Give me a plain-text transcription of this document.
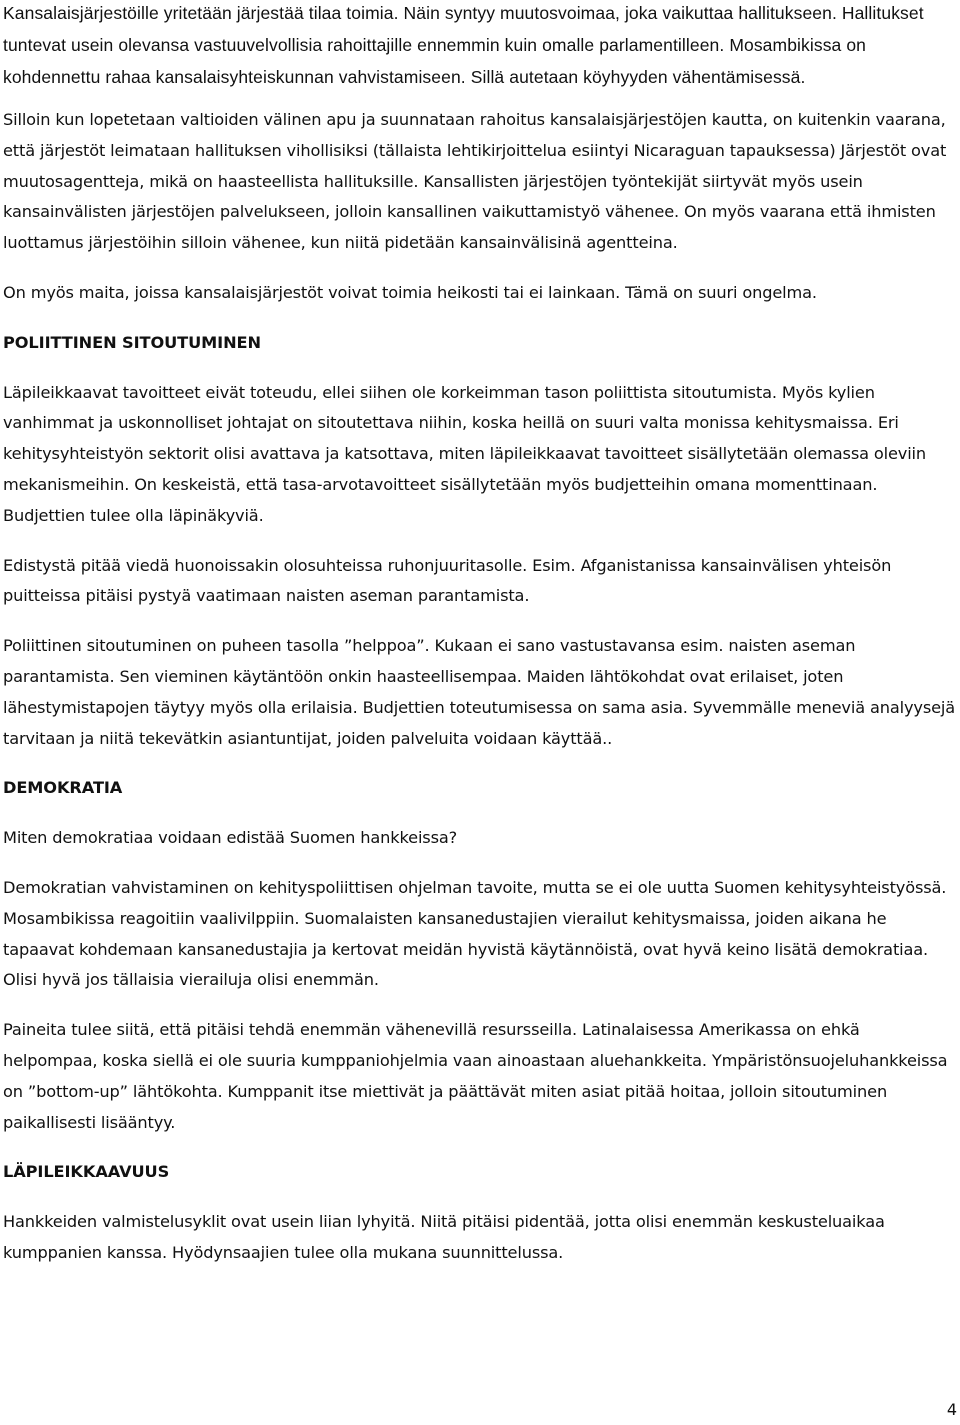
Kansalaisjärjestöille yritetään järjestää tilaa toimia. Näin syntyy muutosvoimaa, joka vaikuttaa hallitukseen. Hallitukset tuntevat usein olevansa vastuuvelvollisia rahoittajille ennemmin kuin omalle parlamentilleen. Mosambikissa on kohdennettu rahaa kansalaisyhteiskunnan vahvistamiseen. Sillä autetaan köyhyyden vähentämisessä.

Silloin kun lopetetaan valtioiden välinen apu ja suunnataan rahoitus kansalaisjärjestöjen kautta, on kuitenkin vaarana, että järjestöt leimataan hallituksen vihollisiksi (tällaista lehtikirjoittelua esiintyi Nicaraguan tapauksessa) Järjestöt ovat muutosagentteja, mikä on haasteellista hallituksille. Kansallisten järjestöjen työntekijät siirtyvät myös usein kansainvälisten järjestöjen palvelukseen, jolloin kansallinen vaikuttamistyö vähenee. On myös vaarana että ihmisten luottamus järjestöihin silloin vähenee, kun niitä pidetään kansainvälisinä agentteina.

On myös maita, joissa kansalaisjärjestöt voivat toimia heikosti tai ei lainkaan. Tämä on suuri ongelma.

POLIITTINEN SITOUTUMINEN

Läpileikkaavat tavoitteet eivät toteudu, ellei siihen ole korkeimman tason poliittista sitoutumista. Myös kylien vanhimmat ja uskonnolliset johtajat on sitoutettava niihin, koska heillä on suuri valta monissa kehitysmaissa. Eri kehitysyhteistyön sektorit olisi avattava ja katsottava, miten läpileikkaavat tavoitteet sisällytetään olemassa oleviin mekanismeihin. On keskeistä, että tasa-arvotavoitteet sisällytetään myös budjetteihin omana momenttinaan. Budjettien tulee olla läpinäkyviä.

Edistystä pitää viedä huonoissakin olosuhteissa ruhonjuuritasolle. Esim. Afganistanissa kansainvälisen yhteisön puitteissa pitäisi pystyä vaatimaan naisten aseman parantamista.

Poliittinen sitoutuminen on puheen tasolla ”helppoa”. Kukaan ei sano vastustavansa esim. naisten aseman parantamista. Sen vieminen käytäntöön onkin haasteellisempaa. Maiden lähtökohdat ovat erilaiset, joten lähestymistapojen täytyy myös olla erilaisia. Budjettien toteutumisessa on sama asia. Syvemmälle meneviä analyysejä tarvitaan ja niitä tekevätkin asiantuntijat, joiden palveluita voidaan käyttää..

DEMOKRATIA

Miten demokratiaa voidaan edistää Suomen hankkeissa?

Demokratian vahvistaminen on kehityspoliittisen ohjelman tavoite, mutta se ei ole uutta Suomen kehitysyhteistyössä. Mosambikissa reagoitiin vaalivilppiin. Suomalaisten kansanedustajien vierailut kehitysmaissa, joiden aikana he tapaavat kohdemaan kansanedustajia ja kertovat meidän hyvistä käytännöistä, ovat hyvä keino lisätä demokratiaa. Olisi hyvä jos tällaisia vierailuja olisi enemmän.

Paineita tulee siitä, että pitäisi tehdä enemmän vähenevillä resursseilla. Latinalaisessa Amerikassa on ehkä helpompaa, koska siellä ei ole suuria kumppaniohjelmia vaan ainoastaan aluehankkeita. Ympäristönsuojeluhankkeissa on ”bottom-up” lähtökohta. Kumppanit itse miettivät ja päättävät miten asiat pitää hoitaa, jolloin sitoutuminen paikallisesti lisääntyy.

LÄPILEIKKAAVUUS

Hankkeiden valmistelusyklit ovat usein liian lyhyitä. Niitä pitäisi pidentää, jotta olisi enemmän keskusteluaikaa kumppanien kanssa. Hyödynsaajien tulee olla mukana suunnittelussa.

4
